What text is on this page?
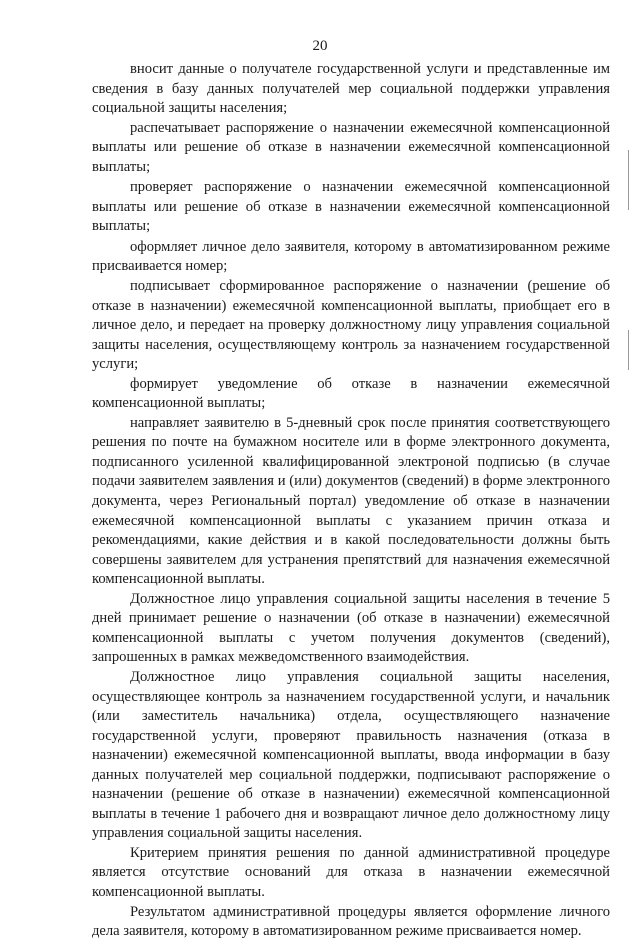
20

вносит данные о получателе государственной услуги и представленные им сведения в базу данных получателей мер социальной поддержки управления социальной защиты населения;

распечатывает распоряжение о назначении ежемесячной компенсационной выплаты или решение об отказе в назначении ежемесячной компенсационной выплаты;

проверяет распоряжение о назначении ежемесячной компенсационной выплаты или решение об отказе в назначении ежемесячной компенсационной выплаты;

оформляет личное дело заявителя, которому в автоматизированном режиме присваивается номер;

подписывает сформированное распоряжение о назначении (решение об отказе в назначении) ежемесячной компенсационной выплаты, приобщает его в личное дело, и передает на проверку должностному лицу управления социальной защиты населения, осуществляющему контроль за назначением государственной услуги;

формирует уведомление об отказе в назначении ежемесячной компенсационной выплаты;

направляет заявителю в 5-дневный срок после принятия соответствующего решения по почте на бумажном носителе или в форме электронного документа, подписанного усиленной квалифицированной электроной подписью (в случае подачи заявителем заявления и (или) документов (сведений) в форме электронного документа, через Региональный портал) уведомление об отказе в назначении ежемесячной компенсационной выплаты с указанием причин отказа и рекомендациями, какие действия и в какой последовательности должны быть совершены заявителем для устранения препятствий для назначения ежемесячной компенсационной выплаты.

Должностное лицо управления социальной защиты населения в течение 5 дней принимает решение о назначении (об отказе в назначении) ежемесячной компенсационной выплаты с учетом получения документов (сведений), запрошенных в рамках межведомственного взаимодействия.

Должностное лицо управления социальной защиты населения, осуществляющее контроль за назначением государственной услуги, и начальник (или заместитель начальника) отдела, осуществляющего назначение государственной услуги, проверяют правильность назначения (отказа в назначении) ежемесячной компенсационной выплаты, ввода информации в базу данных получателей мер социальной поддержки, подписывают распоряжение о назначении (решение об отказе в назначении) ежемесячной компенсационной выплаты в течение 1 рабочего дня и возвращают личное дело должностному лицу управления социальной защиты населения.

Критерием принятия решения по данной административной процедуре является отсутствие оснований для отказа в назначении ежемесячной компенсационной выплаты.

Результатом административной процедуры является оформление личного дела заявителя, которому в автоматизированном режиме присваивается номер.
